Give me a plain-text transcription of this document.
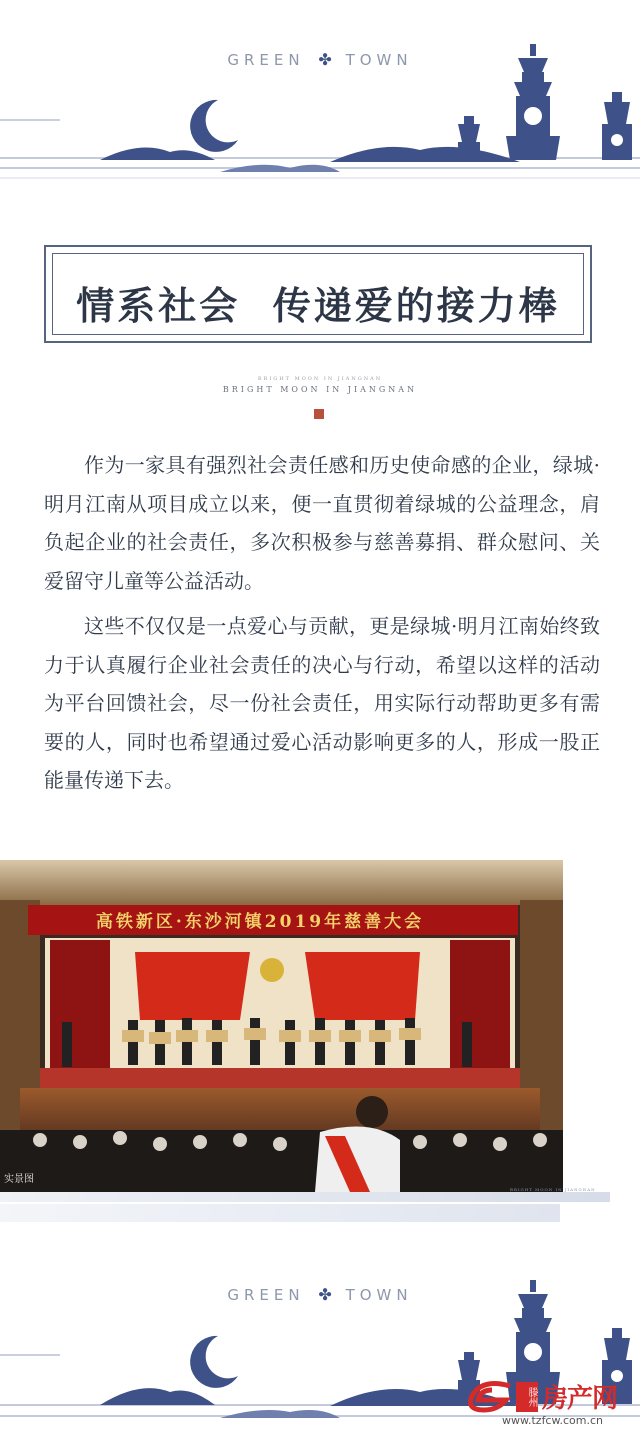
GREEN ✤ TOWN
情系社会  传递爱的接力棒
BRIGHT MOON IN JIANGNAN
BRIGHT MOON IN JIANGNAN

作为一家具有强烈社会责任感和历史使命感的企业，绿城·明月江南从项目成立以来，便一直贯彻着绿城的公益理念，肩负起企业的社会责任，多次积极参与慈善募捐、群众慰问、关爱留守儿童等公益活动。

这些不仅仅是一点爱心与贡献，更是绿城·明月江南始终致力于认真履行企业社会责任的决心与行动，希望以这样的活动为平台回馈社会，尽一份社会责任，用实际行动帮助更多有需要的人，同时也希望通过爱心活动影响更多的人，形成一股正能量传递下去。

高铁新区·东沙河镇2019年慈善大会
实景图
BRIGHT MOON IN JIANGNAN
GREEN ✤ TOWN
滕州 房产网
www.tzfcw.com.cn
